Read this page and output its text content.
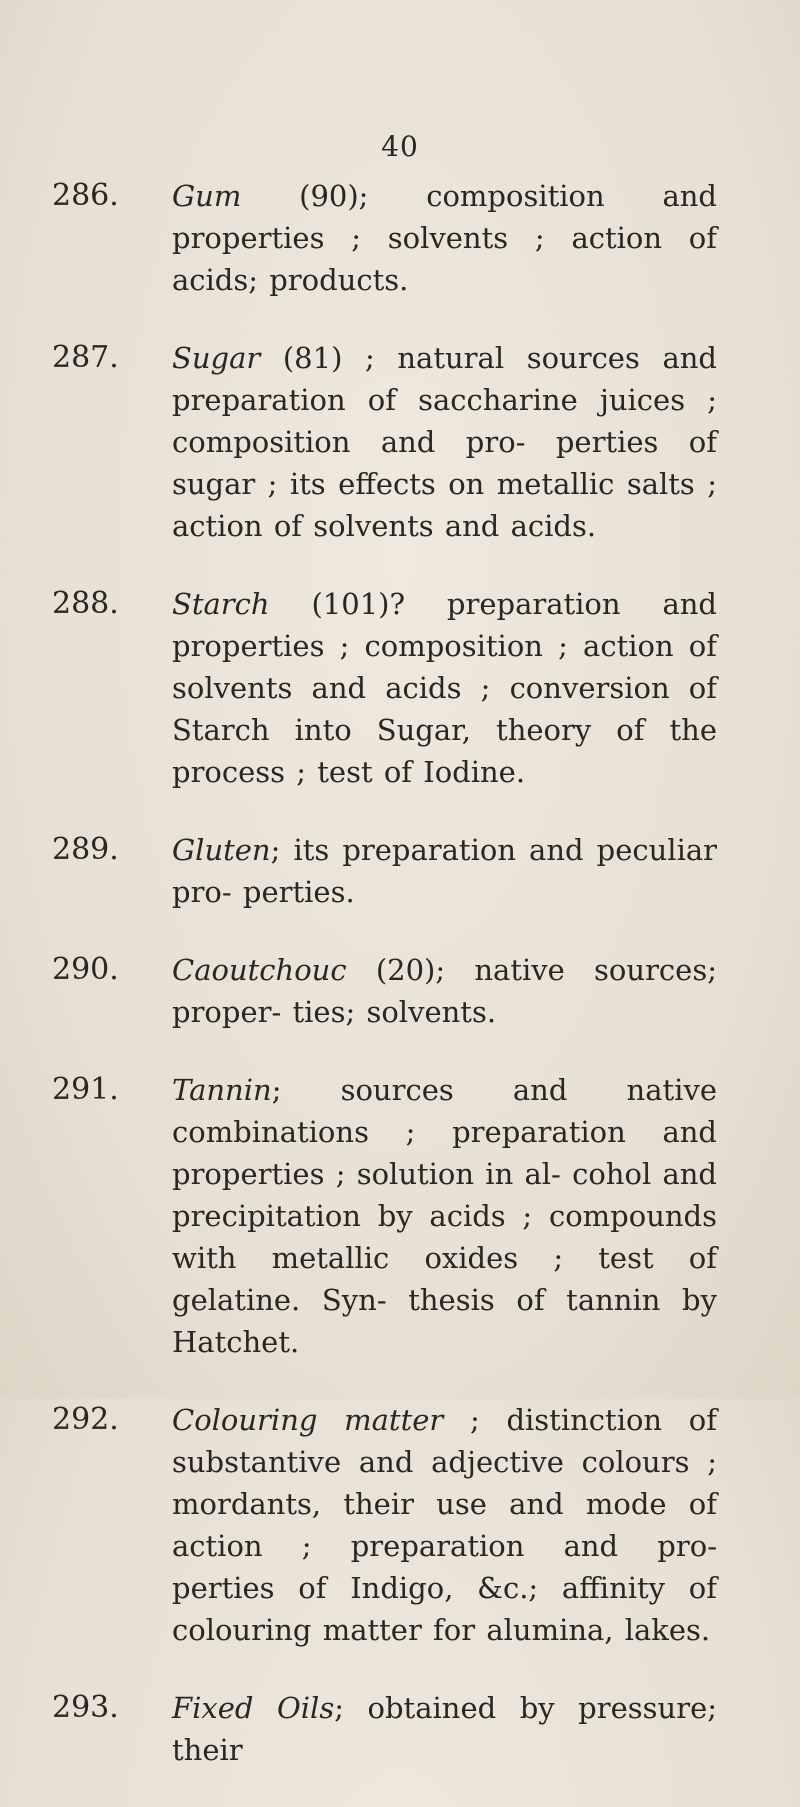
40
286.	Gum (90); composition and properties ; solvents ; action of acids; products.
287.	Sugar (81) ; natural sources and preparation of saccharine juices ; composition and pro- perties of sugar ; its effects on metallic salts ; action of solvents and acids.
288.	Starch (101)? preparation and properties ; composition ; action of solvents and acids ; conversion of Starch into Sugar, theory of the process ; test of Iodine.
289.	Gluten; its preparation and peculiar pro- perties.
290.	Caoutchouc (20); native sources; proper- ties; solvents.
291.	Tannin; sources and native combinations ; preparation and properties ; solution in al- cohol and precipitation by acids ; compounds with metallic oxides ; test of gelatine. Syn- thesis of tannin by Hatchet.
292.	Colouring matter ; distinction of substantive and adjective colours ; mordants, their use and mode of action ; preparation and pro- perties of Indigo, &c.; affinity of colouring matter for alumina, lakes.
293.	Fixed Oils; obtained by pressure; their
